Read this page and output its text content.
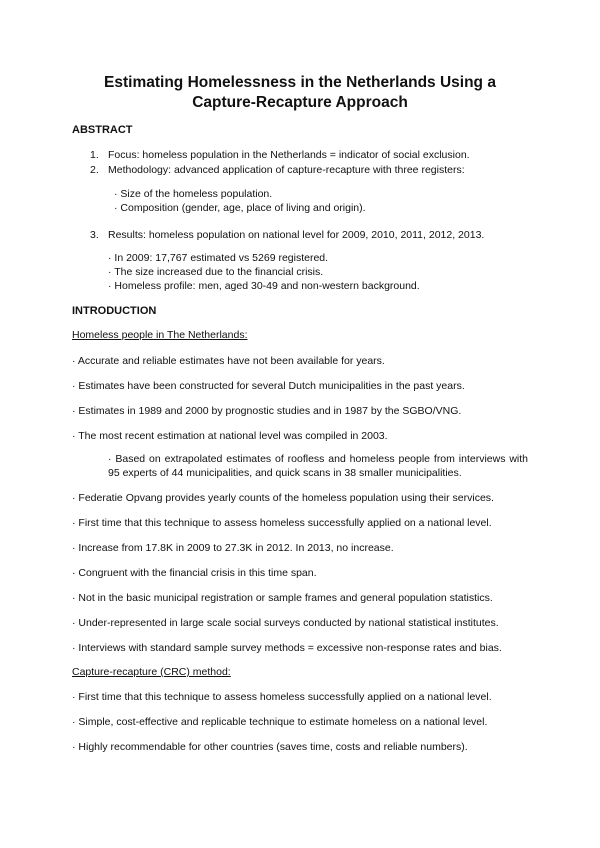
Estimating Homelessness in the Netherlands Using a
Capture-Recapture Approach
ABSTRACT
1. Focus: homeless population in the Netherlands = indicator of social exclusion.
2. Methodology: advanced application of capture-recapture with three registers:
· Size of the homeless population.
· Composition (gender, age, place of living and origin).
3. Results: homeless population on national level for 2009, 2010, 2011, 2012, 2013.
· In 2009: 17,767 estimated vs 5269 registered.
· The size increased due to the financial crisis.
· Homeless profile: men, aged 30-49 and non-western background.
INTRODUCTION
Homeless people in The Netherlands:
· Accurate and reliable estimates have not been available for years.
· Estimates have been constructed for several Dutch municipalities in the past years.
· Estimates in 1989 and 2000 by prognostic studies and in 1987 by the SGBO/VNG.
· The most recent estimation at national level was compiled in 2003.
· Based on extrapolated estimates of roofless and homeless people from interviews with 95 experts of 44 municipalities, and quick scans in 38 smaller municipalities.
· Federatie Opvang provides yearly counts of the homeless population using their services.
· First time that this technique to assess homeless successfully applied on a national level.
· Increase from 17.8K in 2009 to 27.3K in 2012. In 2013, no increase.
· Congruent with the financial crisis in this time span.
· Not in the basic municipal registration or sample frames and general population statistics.
· Under-represented in large scale social surveys conducted by national statistical institutes.
· Interviews with standard sample survey methods = excessive non-response rates and bias.
Capture-recapture (CRC) method:
· First time that this technique to assess homeless successfully applied on a national level.
· Simple, cost-effective and replicable technique to estimate homeless on a national level.
· Highly recommendable for other countries (saves time, costs and reliable numbers).
